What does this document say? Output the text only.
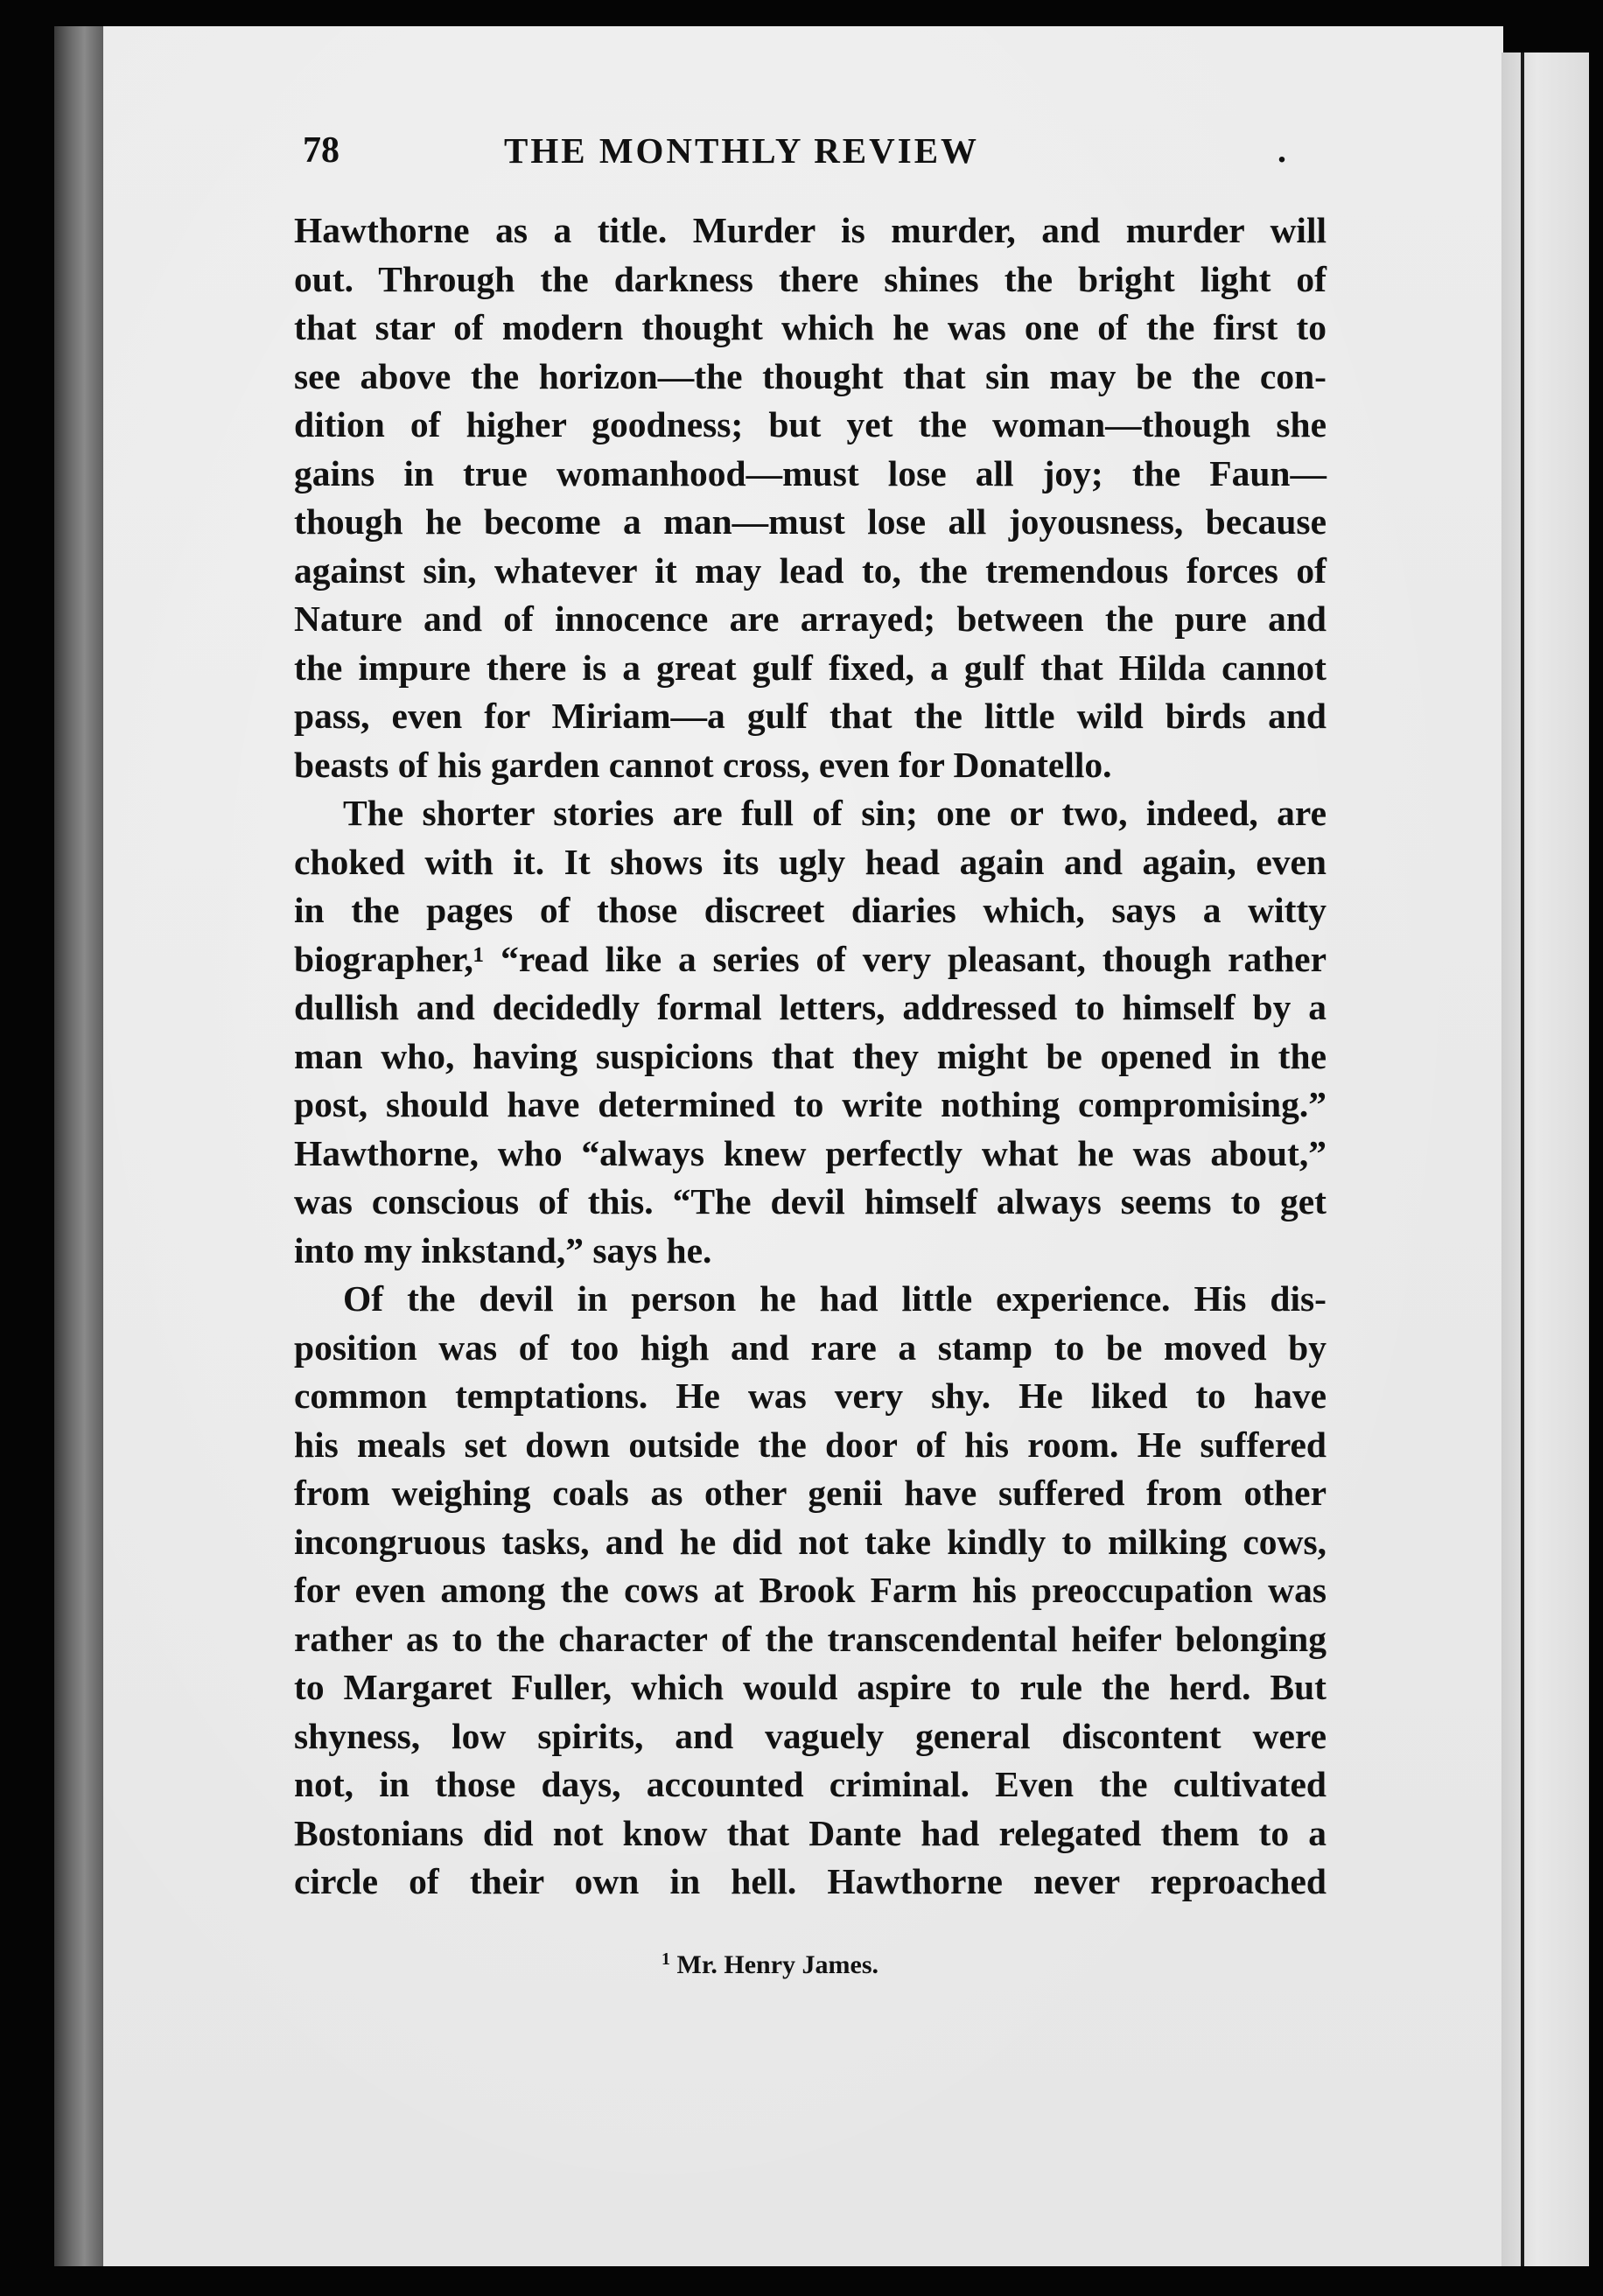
78	THE MONTHLY REVIEW	.

Hawthorne as a title. Murder is murder, and murder will

out. Through the darkness there shines the bright light of

that star of modern thought which he was one of the first to

see above the horizon—the thought that sin may be the con-

dition of higher goodness; but yet the woman—though she

gains in true womanhood—must lose all joy; the Faun—

though he become a man—must lose all joyousness, because

against sin, whatever it may lead to, the tremendous forces of

Nature and of innocence are arrayed; between the pure and

the impure there is a great gulf fixed, a gulf that Hilda cannot

pass, even for Miriam—a gulf that the little wild birds and

beasts of his garden cannot cross, even for Donatello.

The shorter stories are full of sin; one or two, indeed, are

choked with it. It shows its ugly head again and again, even

in the pages of those discreet diaries which, says a witty

biographer,¹ “read like a series of very pleasant, though rather

dullish and decidedly formal letters, addressed to himself by a

man who, having suspicions that they might be opened in the

post, should have determined to write nothing compromising.”

Hawthorne, who “always knew perfectly what he was about,”

was conscious of this. “The devil himself always seems to get

into my inkstand,” says he.

Of the devil in person he had little experience. His dis-

position was of too high and rare a stamp to be moved by

common temptations. He was very shy. He liked to have

his meals set down outside the door of his room. He suffered

from weighing coals as other genii have suffered from other

incongruous tasks, and he did not take kindly to milking cows,

for even among the cows at Brook Farm his preoccupation was

rather as to the character of the transcendental heifer belonging

to Margaret Fuller, which would aspire to rule the herd. But

shyness, low spirits, and vaguely general discontent were

not, in those days, accounted criminal. Even the cultivated

Bostonians did not know that Dante had relegated them to a

circle of their own in hell. Hawthorne never reproached

$^1$ Mr. Henry James.
